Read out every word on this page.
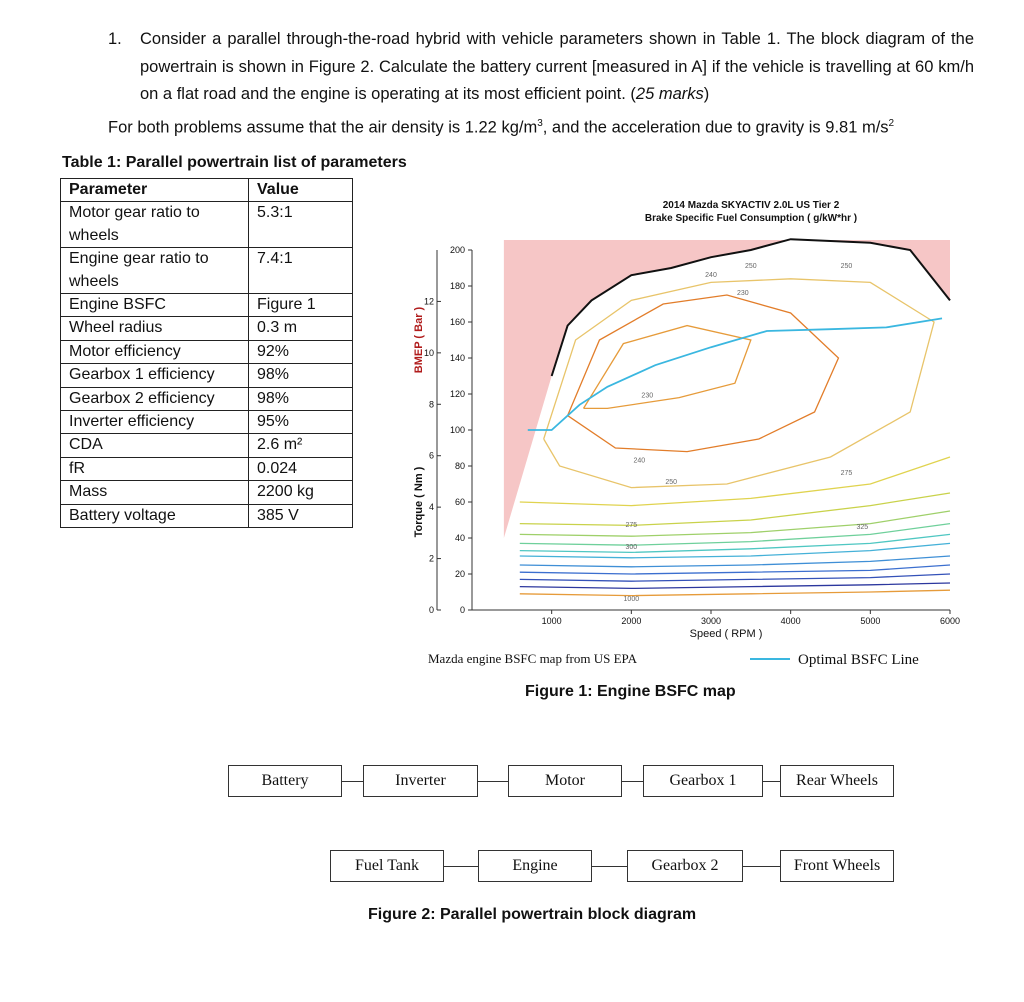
1. Consider a parallel through-the-road hybrid with vehicle parameters shown in Table 1. The block diagram of the powertrain is shown in Figure 2. Calculate the battery current [measured in A] if the vehicle is travelling at 60 km/h on a flat road and the engine is operating at its most efficient point. (25 marks)
For both problems assume that the air density is 1.22 $kg/m^3$, and the acceleration due to gravity is 9.81 $m/s^2$
Table 1: Parallel powertrain list of parameters
Parameter	Value
Motor gear ratio to wheels	5.3:1
Engine gear ratio to wheels	7.4:1
Engine BSFC	Figure 1
Wheel radius	0.3 m
Motor efficiency	92%
Gearbox 1 efficiency	98%
Gearbox 2 efficiency	98%
Inverter efficiency	95%
CDA	2.6 m²
fR	0.024
Mass	2200 kg
Battery voltage	385 V
2014 Mazda SKYACTIV 2.0L US Tier 2
Brake Specific Fuel Consumption ( g/kW*hr )
230
230
240
240
250	250
250
275
275
300
325
1000
1000	2000	3000	4000	5000	6000
0
20
40
60
80
100
120
140
160
180
200
0
2
4
6
8
10
12
Speed ( RPM )
Torque ( Nm )
BMEP ( Bar )
Mazda engine BSFC map from US EPA	Optimal BSFC Line
Figure 1: Engine BSFC map
Battery	Inverter	Motor	Gearbox 1	Rear Wheels
Fuel Tank	Engine	Gearbox 2	Front Wheels
Figure 2: Parallel powertrain block diagram
